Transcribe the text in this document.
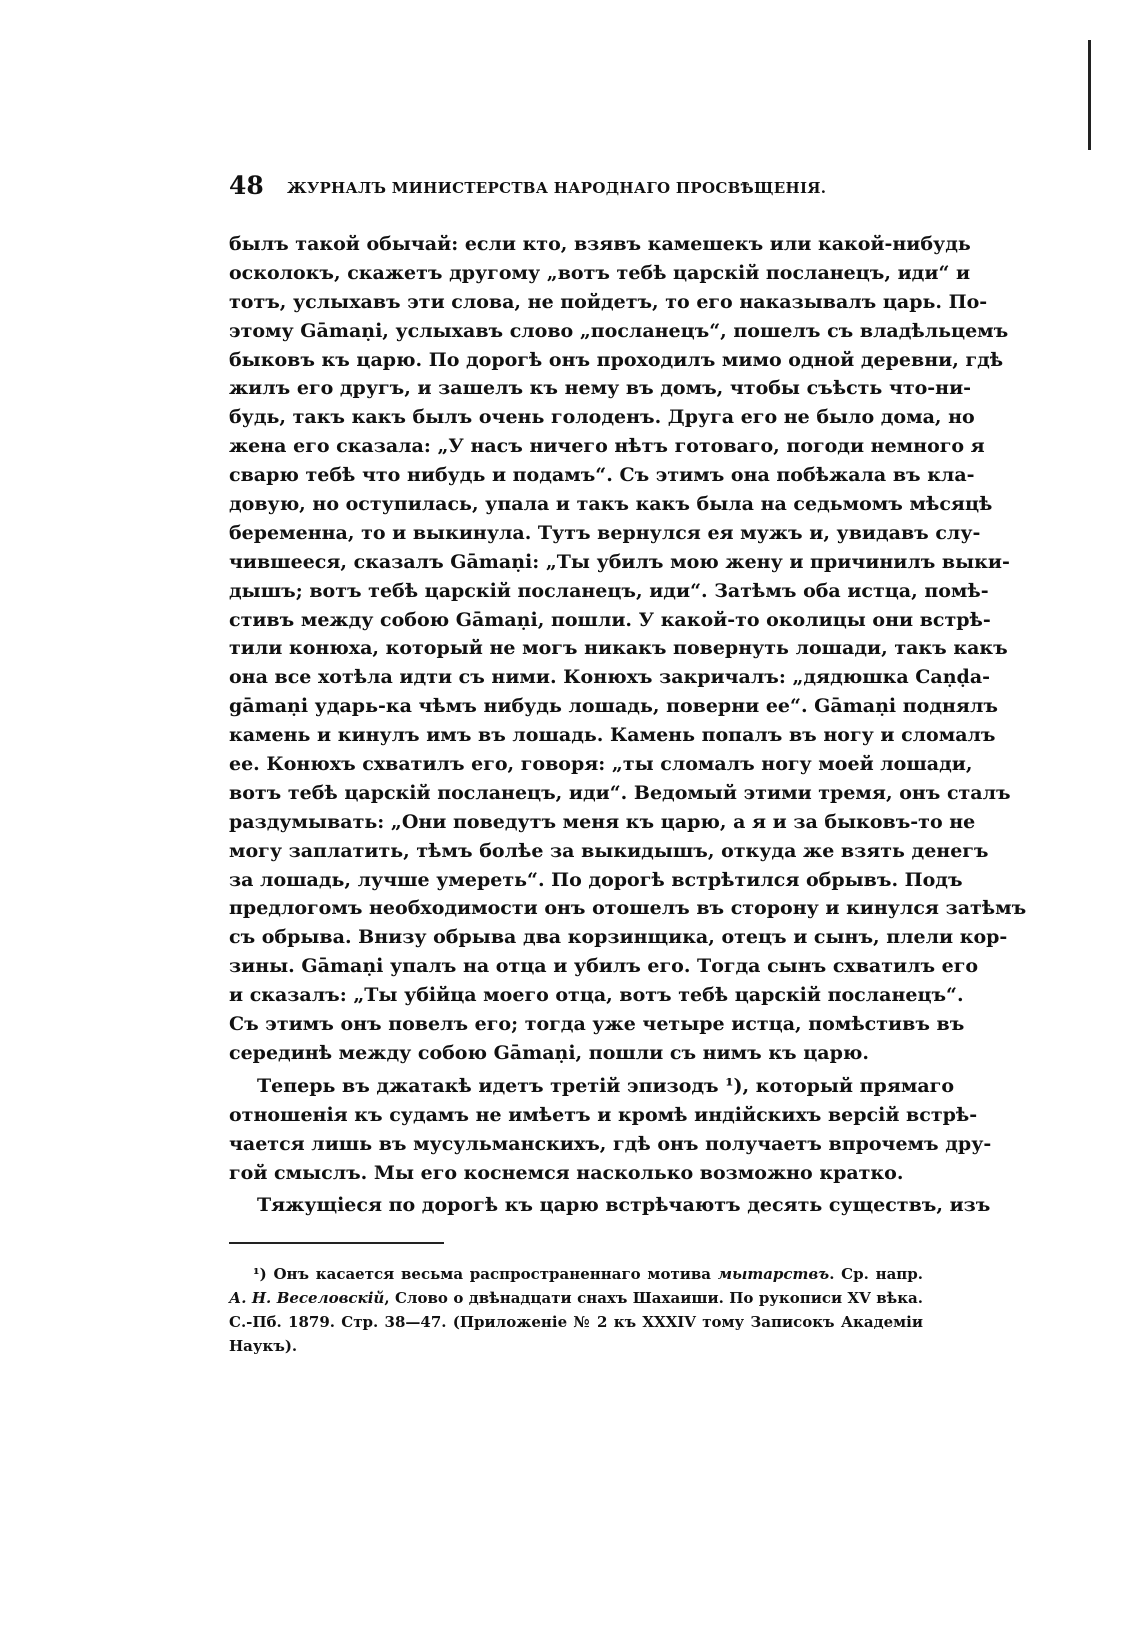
48 ЖУРНАЛЪ МИНИСТЕРСТВА НАРОДНАГО ПРОСВѢЩЕНІЯ.
былъ такой обычай: если кто, взявъ камешекъ или какой-нибудь
осколокъ, скажетъ другому „вотъ тебѣ царскій посланецъ, иди“ и
тотъ, услыхавъ эти слова, не пойдетъ, то его наказывалъ царь. По-
этому Gāmaṇi, услыхавъ слово „посланецъ“, пошелъ съ владѣльцемъ
быковъ къ царю. По дорогѣ онъ проходилъ мимо одной деревни, гдѣ
жилъ его другъ, и зашелъ къ нему въ домъ, чтобы съѣсть что-ни-
будь, такъ какъ былъ очень голоденъ. Друга его не было дома, но
жена его сказала: „У насъ ничего нѣтъ готоваго, погоди немного я
сварю тебѣ что нибудь и подамъ“. Съ этимъ она побѣжала въ кла-
довую, но оступилась, упала и такъ какъ была на седьмомъ мѣсяцѣ
беременна, то и выкинула. Тутъ вернулся ея мужъ и, увидавъ слу-
чившееся, сказалъ Gāmaṇi: „Ты убилъ мою жену и причинилъ выки-
дышъ; вотъ тебѣ царскій посланецъ, иди“. Затѣмъ оба истца, помѣ-
стивъ между собою Gāmaṇi, пошли. У какой-то околицы они встрѣ-
тили конюха, который не могъ никакъ повернуть лошади, такъ какъ
она все хотѣла идти съ ними. Конюхъ закричалъ: „дядюшка Caṇḍa-
gāmaṇi ударь-ка чѣмъ нибудь лошадь, поверни ее“. Gāmaṇi поднялъ
камень и кинулъ имъ въ лошадь. Камень попалъ въ ногу и сломалъ
ее. Конюхъ схватилъ его, говоря: „ты сломалъ ногу моей лошади,
вотъ тебѣ царскій посланецъ, иди“. Ведомый этими тремя, онъ сталъ
раздумывать: „Они поведутъ меня къ царю, а я и за быковъ-то не
могу заплатить, тѣмъ болѣе за выкидышъ, откуда же взять денегъ
за лошадь, лучше умереть“. По дорогѣ встрѣтился обрывъ. Подъ
предлогомъ необходимости онъ отошелъ въ сторону и кинулся затѣмъ
съ обрыва. Внизу обрыва два корзинщика, отецъ и сынъ, плели кор-
зины. Gāmaṇi упалъ на отца и убилъ его. Тогда сынъ схватилъ его
и сказалъ: „Ты убійца моего отца, вотъ тебѣ царскій посланецъ“.
Съ этимъ онъ повелъ его; тогда уже четыре истца, помѣстивъ въ
серединѣ между собою Gāmaṇi, пошли съ нимъ къ царю.
Теперь въ джатакѣ идетъ третій эпизодъ ¹), который прямаго
отношенія къ судамъ не имѣетъ и кромѣ индійскихъ версій встрѣ-
чается лишь въ мусульманскихъ, гдѣ онъ получаетъ впрочемъ дру-
гой смыслъ. Мы его коснемся насколько возможно кратко.
Тяжущіеся по дорогѣ къ царю встрѣчаютъ десять существъ, изъ
¹) Онъ касается весьма распространеннаго мотива мытарствъ. Ср. напр.
А. Н. Веселовскій, Слово о двѣнадцати снахъ Шахаиши. По рукописи XV вѣка.
С.-Пб. 1879. Стр. 38—47. (Приложеніе № 2 къ XXXIV тому Записокъ Академіи
Наукъ).
